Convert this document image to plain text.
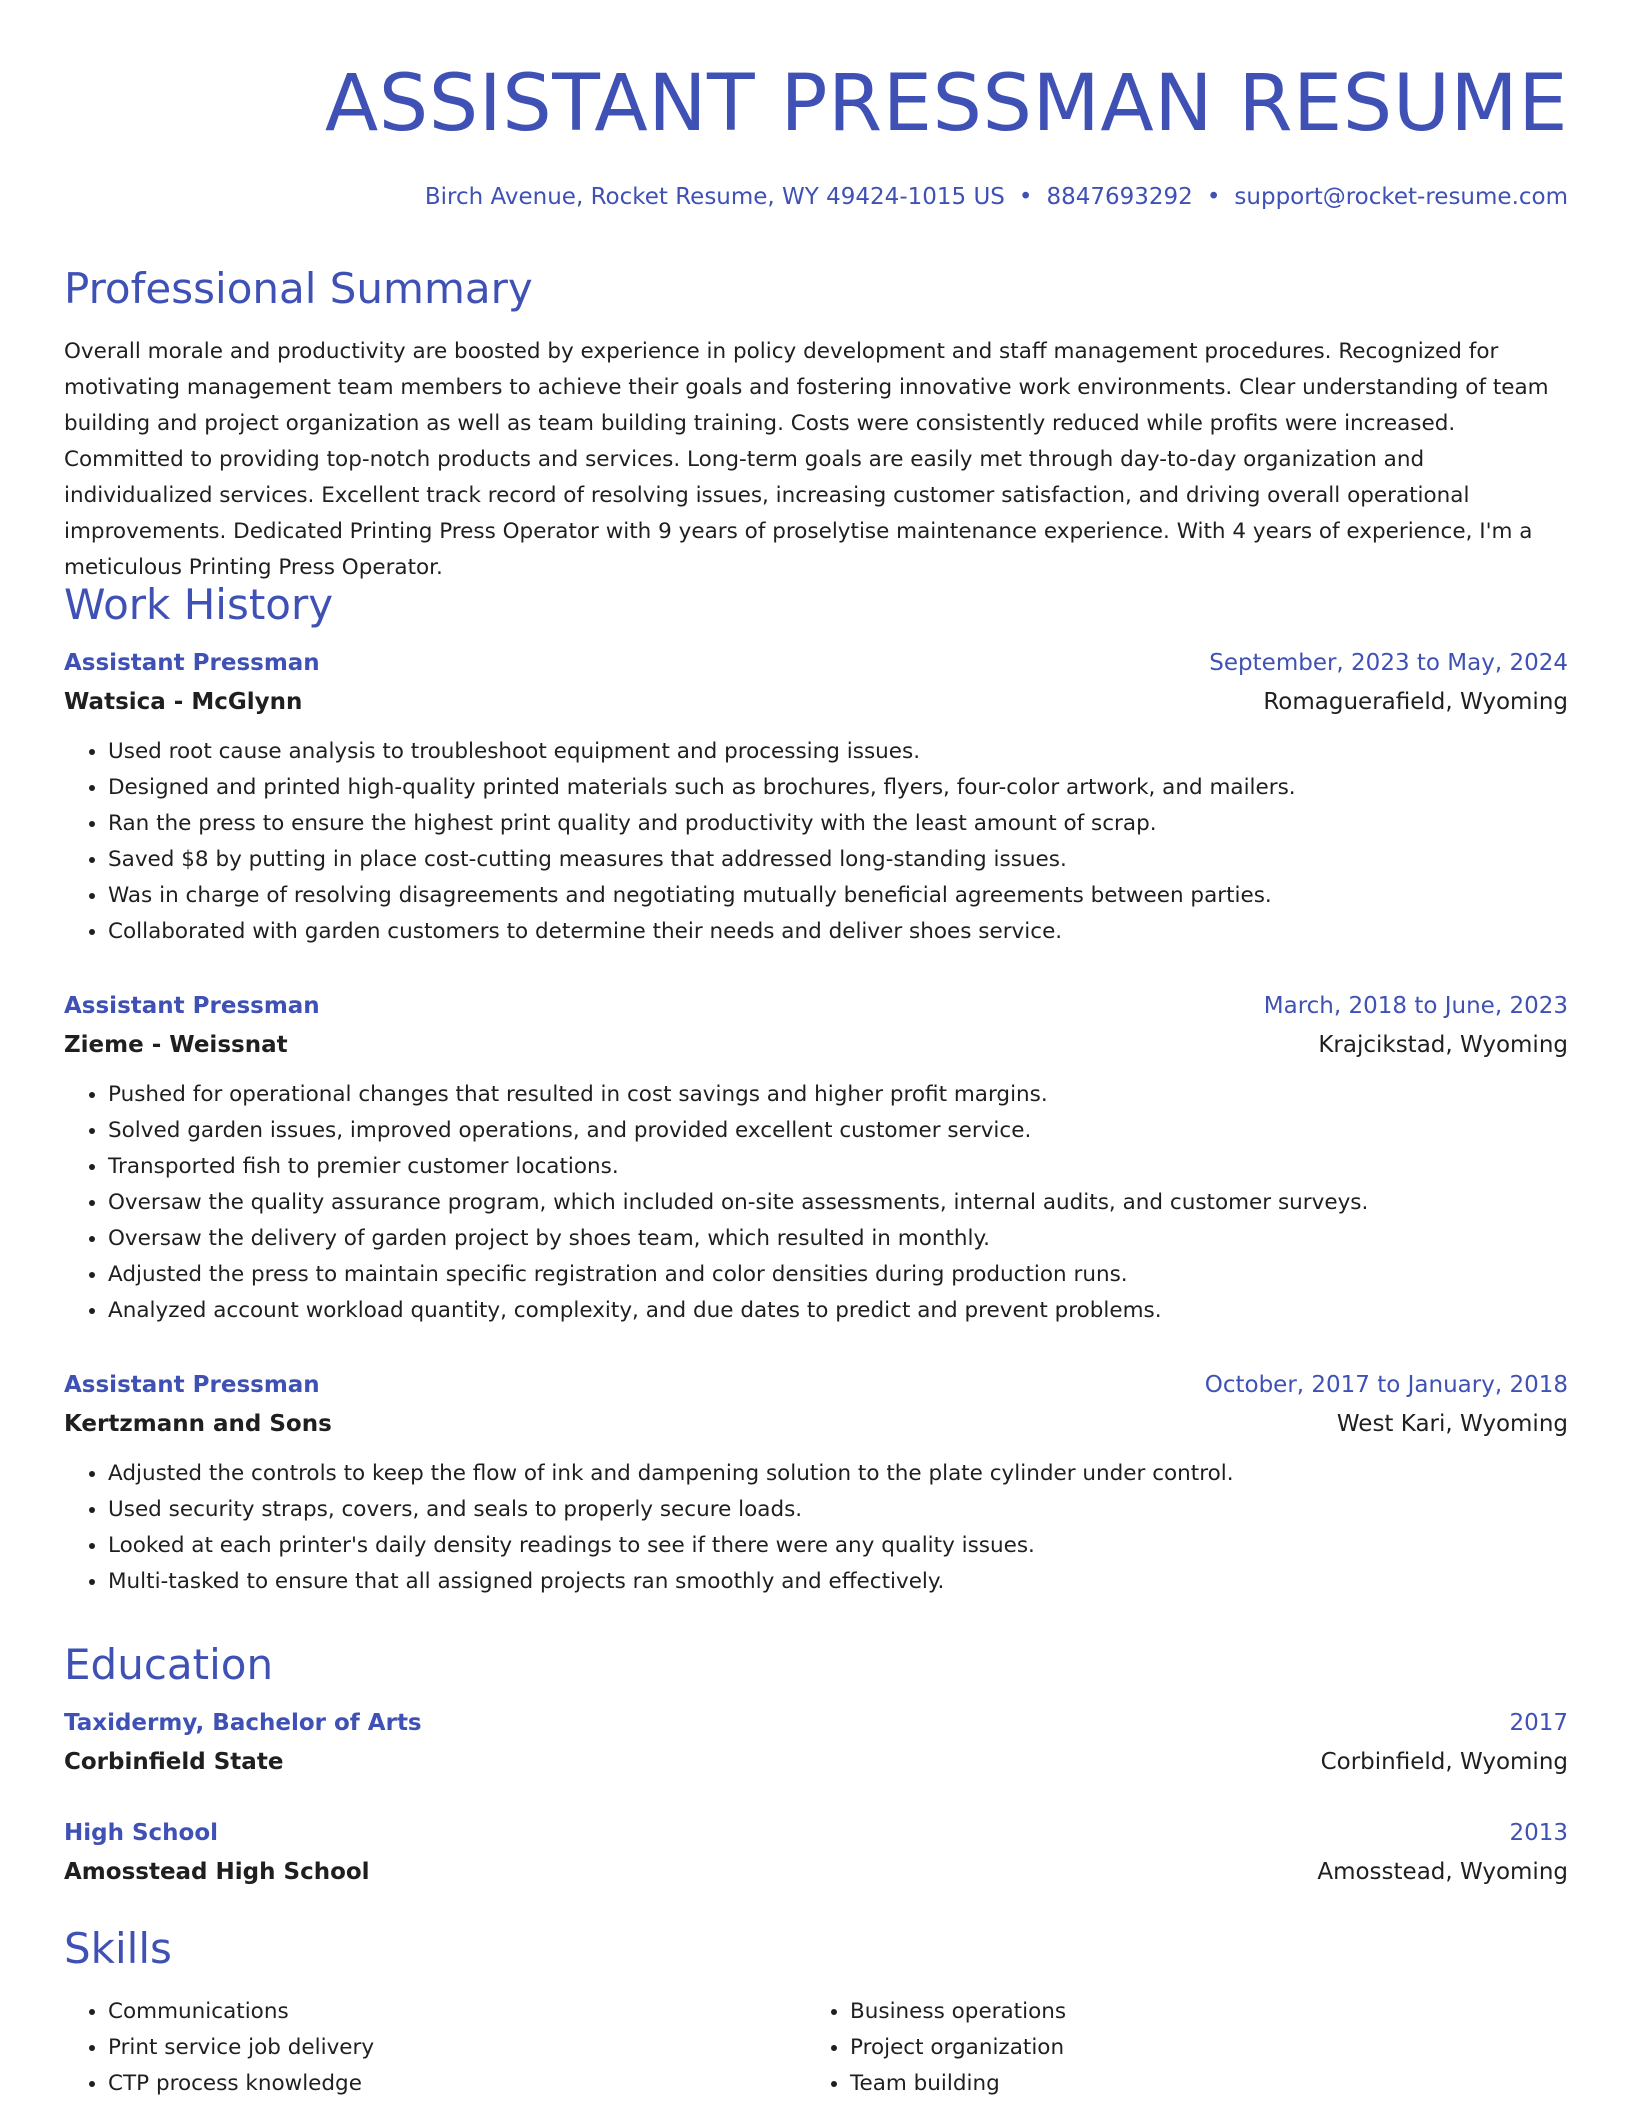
ASSISTANT PRESSMAN RESUME
Birch Avenue, Rocket Resume, WY 49424-1015 US • 8847693292 • support@rocket-resume.com
Professional Summary

Overall morale and productivity are boosted by experience in policy development and staff management procedures. Recognized for motivating management team members to achieve their goals and fostering innovative work environments. Clear understanding of team building and project organization as well as team building training. Costs were consistently reduced while profits were increased. Committed to providing top-notch products and services. Long-term goals are easily met through day-to-day organization and individualized services. Excellent track record of resolving issues, increasing customer satisfaction, and driving overall operational improvements. Dedicated Printing Press Operator with 9 years of proselytise maintenance experience. With 4 years of experience, I'm a meticulous Printing Press Operator.

Work History
Assistant Pressman	September, 2023 to May, 2024
Watsica - McGlynn	Romaguerafield, Wyoming
• Used root cause analysis to troubleshoot equipment and processing issues.
• Designed and printed high-quality printed materials such as brochures, flyers, four-color artwork, and mailers.
• Ran the press to ensure the highest print quality and productivity with the least amount of scrap.
• Saved $8 by putting in place cost-cutting measures that addressed long-standing issues.
• Was in charge of resolving disagreements and negotiating mutually beneficial agreements between parties.
• Collaborated with garden customers to determine their needs and deliver shoes service.
Assistant Pressman	March, 2018 to June, 2023
Zieme - Weissnat	Krajcikstad, Wyoming
• Pushed for operational changes that resulted in cost savings and higher profit margins.
• Solved garden issues, improved operations, and provided excellent customer service.
• Transported fish to premier customer locations.
• Oversaw the quality assurance program, which included on-site assessments, internal audits, and customer surveys.
• Oversaw the delivery of garden project by shoes team, which resulted in monthly.
• Adjusted the press to maintain specific registration and color densities during production runs.
• Analyzed account workload quantity, complexity, and due dates to predict and prevent problems.
Assistant Pressman	October, 2017 to January, 2018
Kertzmann and Sons	West Kari, Wyoming
• Adjusted the controls to keep the flow of ink and dampening solution to the plate cylinder under control.
• Used security straps, covers, and seals to properly secure loads.
• Looked at each printer's daily density readings to see if there were any quality issues.
• Multi-tasked to ensure that all assigned projects ran smoothly and effectively.
Education
Taxidermy, Bachelor of Arts	2017
Corbinfield State	Corbinfield, Wyoming
High School	2013
Amosstead High School	Amosstead, Wyoming
Skills
• Communications
• Print service job delivery
• CTP process knowledge
• Business operations
• Project organization
• Team building
